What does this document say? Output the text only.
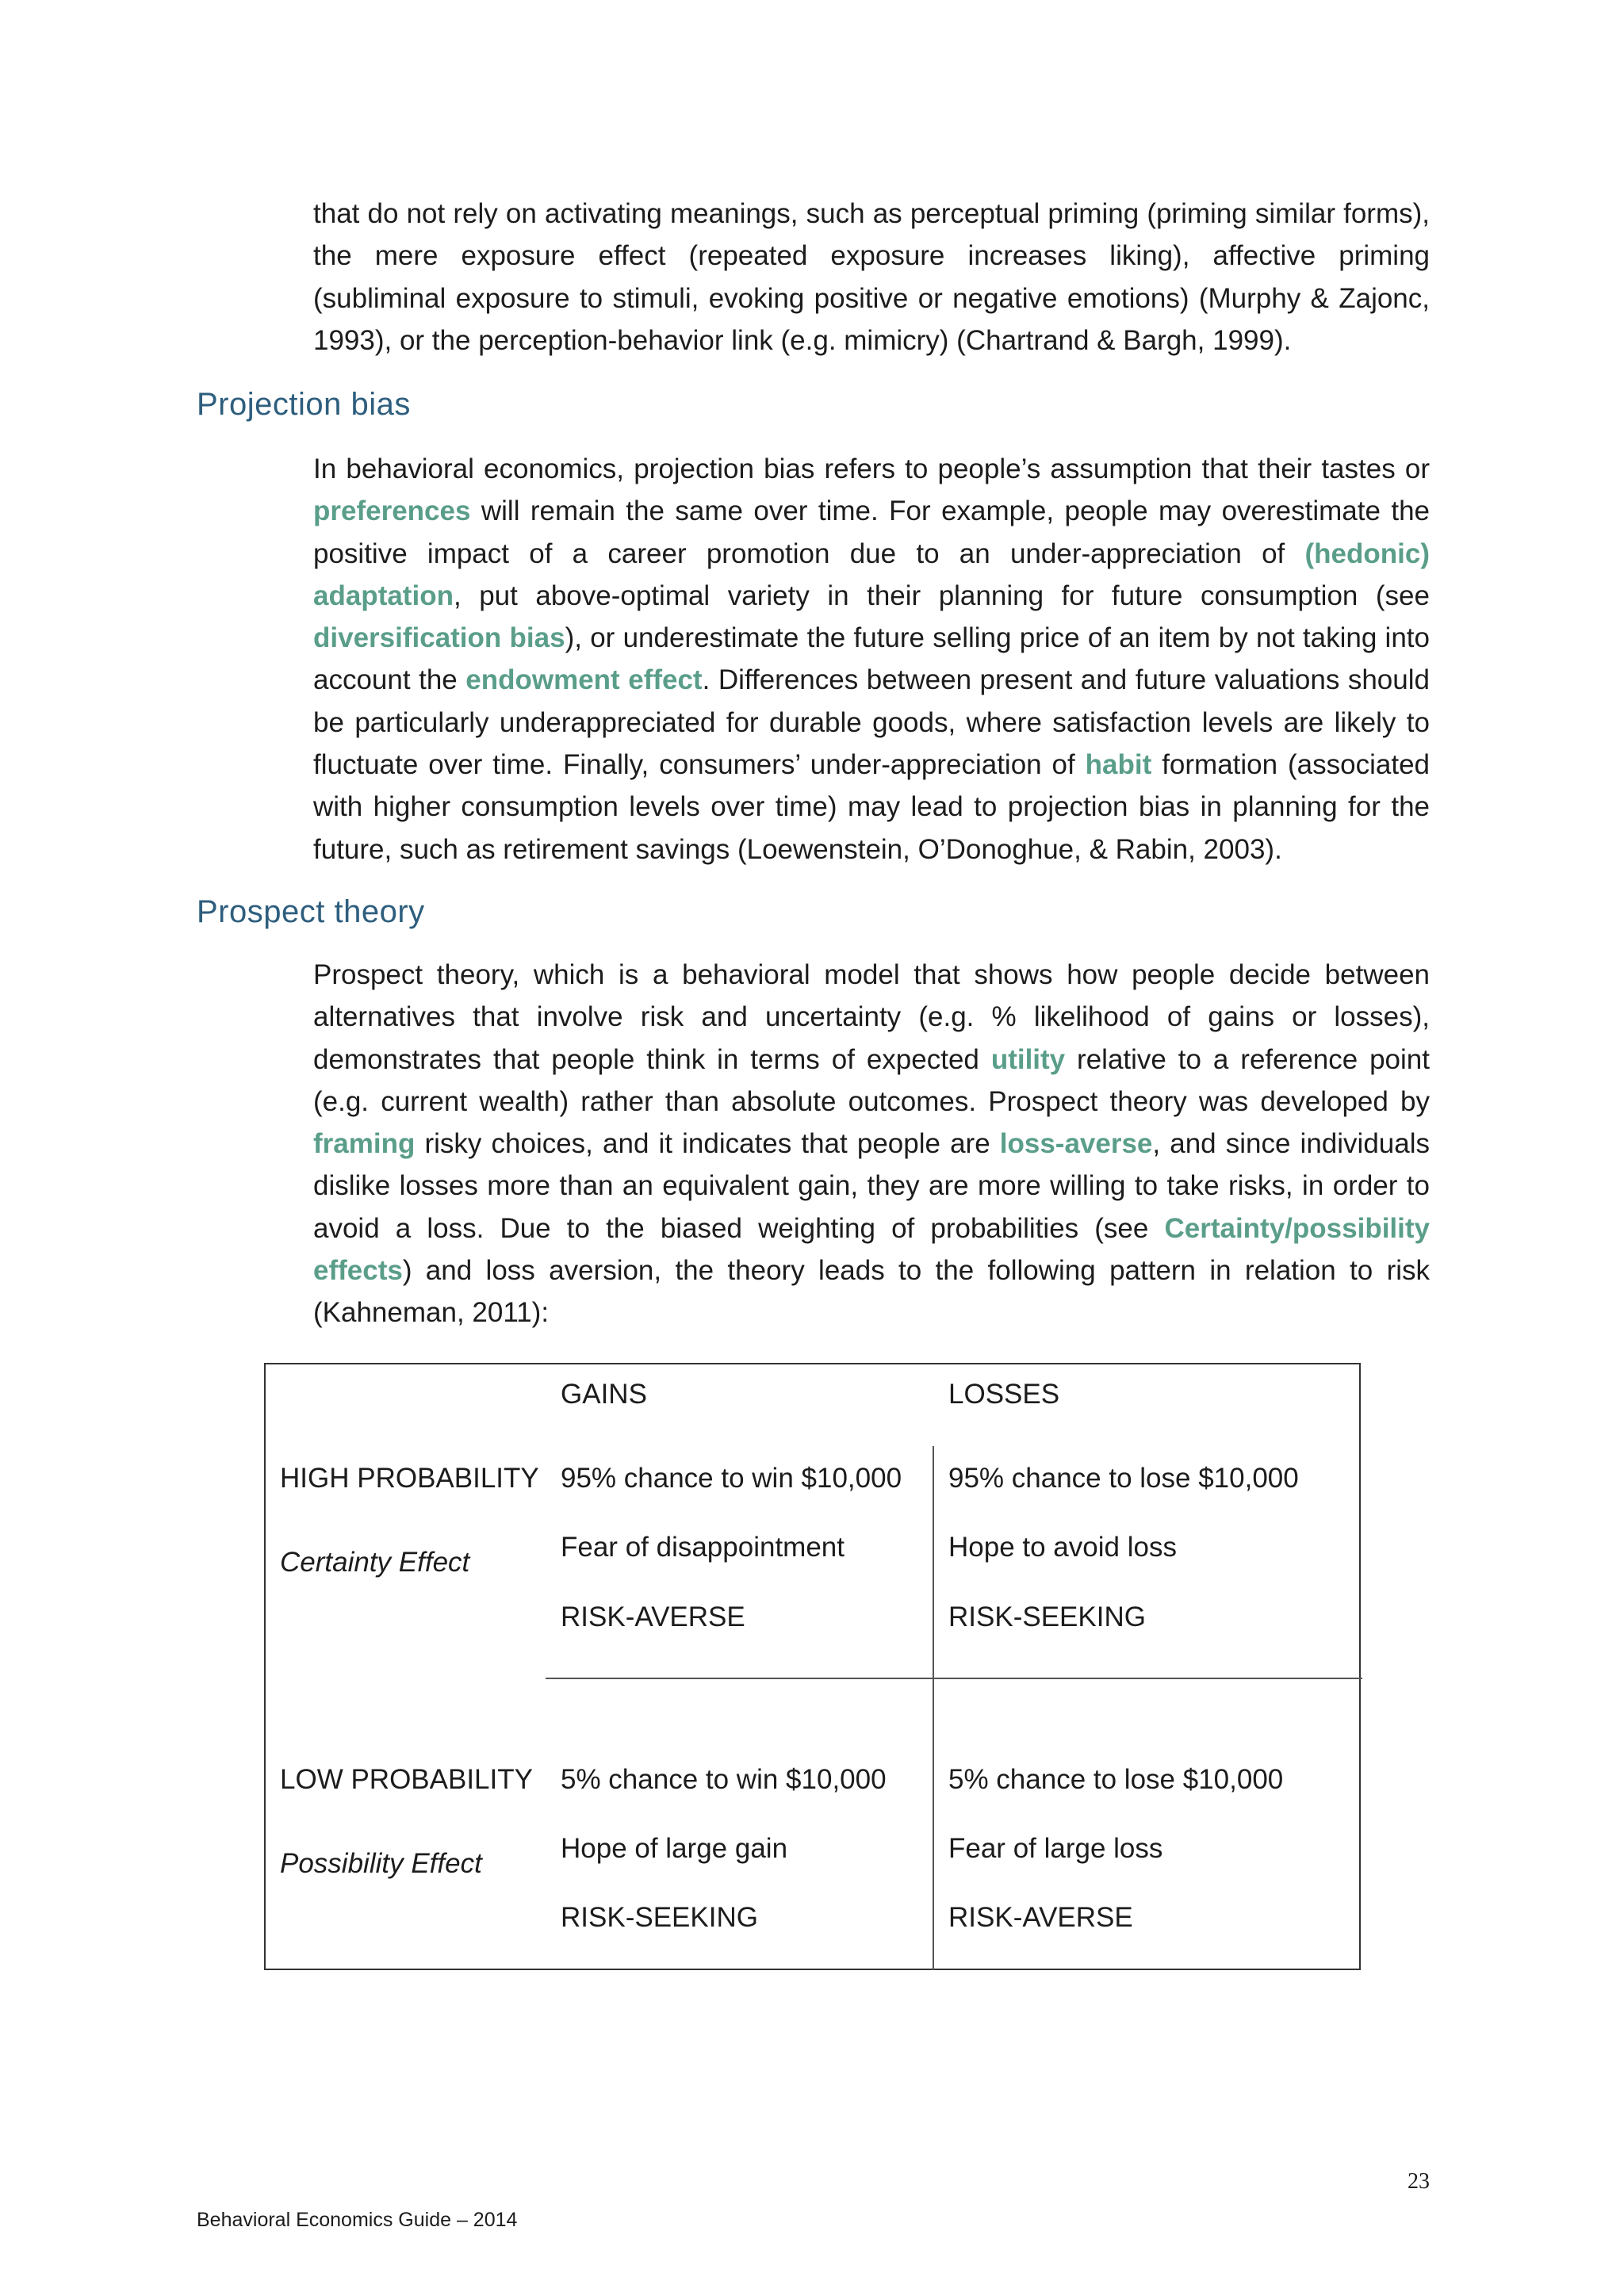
that do not rely on activating meanings, such as perceptual priming (priming similar forms), the mere exposure effect (repeated exposure increases liking), affective priming (subliminal exposure to stimuli, evoking positive or negative emotions) (Murphy & Zajonc, 1993), or the perception-behavior link (e.g. mimicry) (Chartrand & Bargh, 1999).

Projection bias

In behavioral economics, projection bias refers to people’s assumption that their tastes or preferences will remain the same over time. For example, people may overestimate the positive impact of a career promotion due to an under-appreciation of (hedonic) adaptation, put above-optimal variety in their planning for future consumption (see diversification bias), or underestimate the future selling price of an item by not taking into account the endowment effect. Differences between present and future valuations should be particularly underappreciated for durable goods, where satisfaction levels are likely to fluctuate over time. Finally, consumers’ under-appreciation of habit formation (associated with higher consumption levels over time) may lead to projection bias in planning for the future, such as retirement savings (Loewenstein, O’Donoghue, & Rabin, 2003).

Prospect theory

Prospect theory, which is a behavioral model that shows how people decide between alternatives that involve risk and uncertainty (e.g. % likelihood of gains or losses), demonstrates that people think in terms of expected utility relative to a reference point (e.g. current wealth) rather than absolute outcomes. Prospect theory was developed by framing risky choices, and it indicates that people are loss-averse, and since individuals dislike losses more than an equivalent gain, they are more willing to take risks, in order to avoid a loss. Due to the biased weighting of probabilities (see Certainty/possibility effects) and loss aversion, the theory leads to the following pattern in relation to risk (Kahneman, 2011):

GAINS	LOSSES
HIGH PROBABILITY
Certainty Effect
95% chance to win $10,000
Fear of disappointment
RISK-AVERSE
95% chance to lose $10,000
Hope to avoid loss
RISK-SEEKING
LOW PROBABILITY
Possibility Effect
5% chance to win $10,000
Hope of large gain
RISK-SEEKING
5% chance to lose $10,000
Fear of large loss
RISK-AVERSE
23
Behavioral Economics Guide – 2014
